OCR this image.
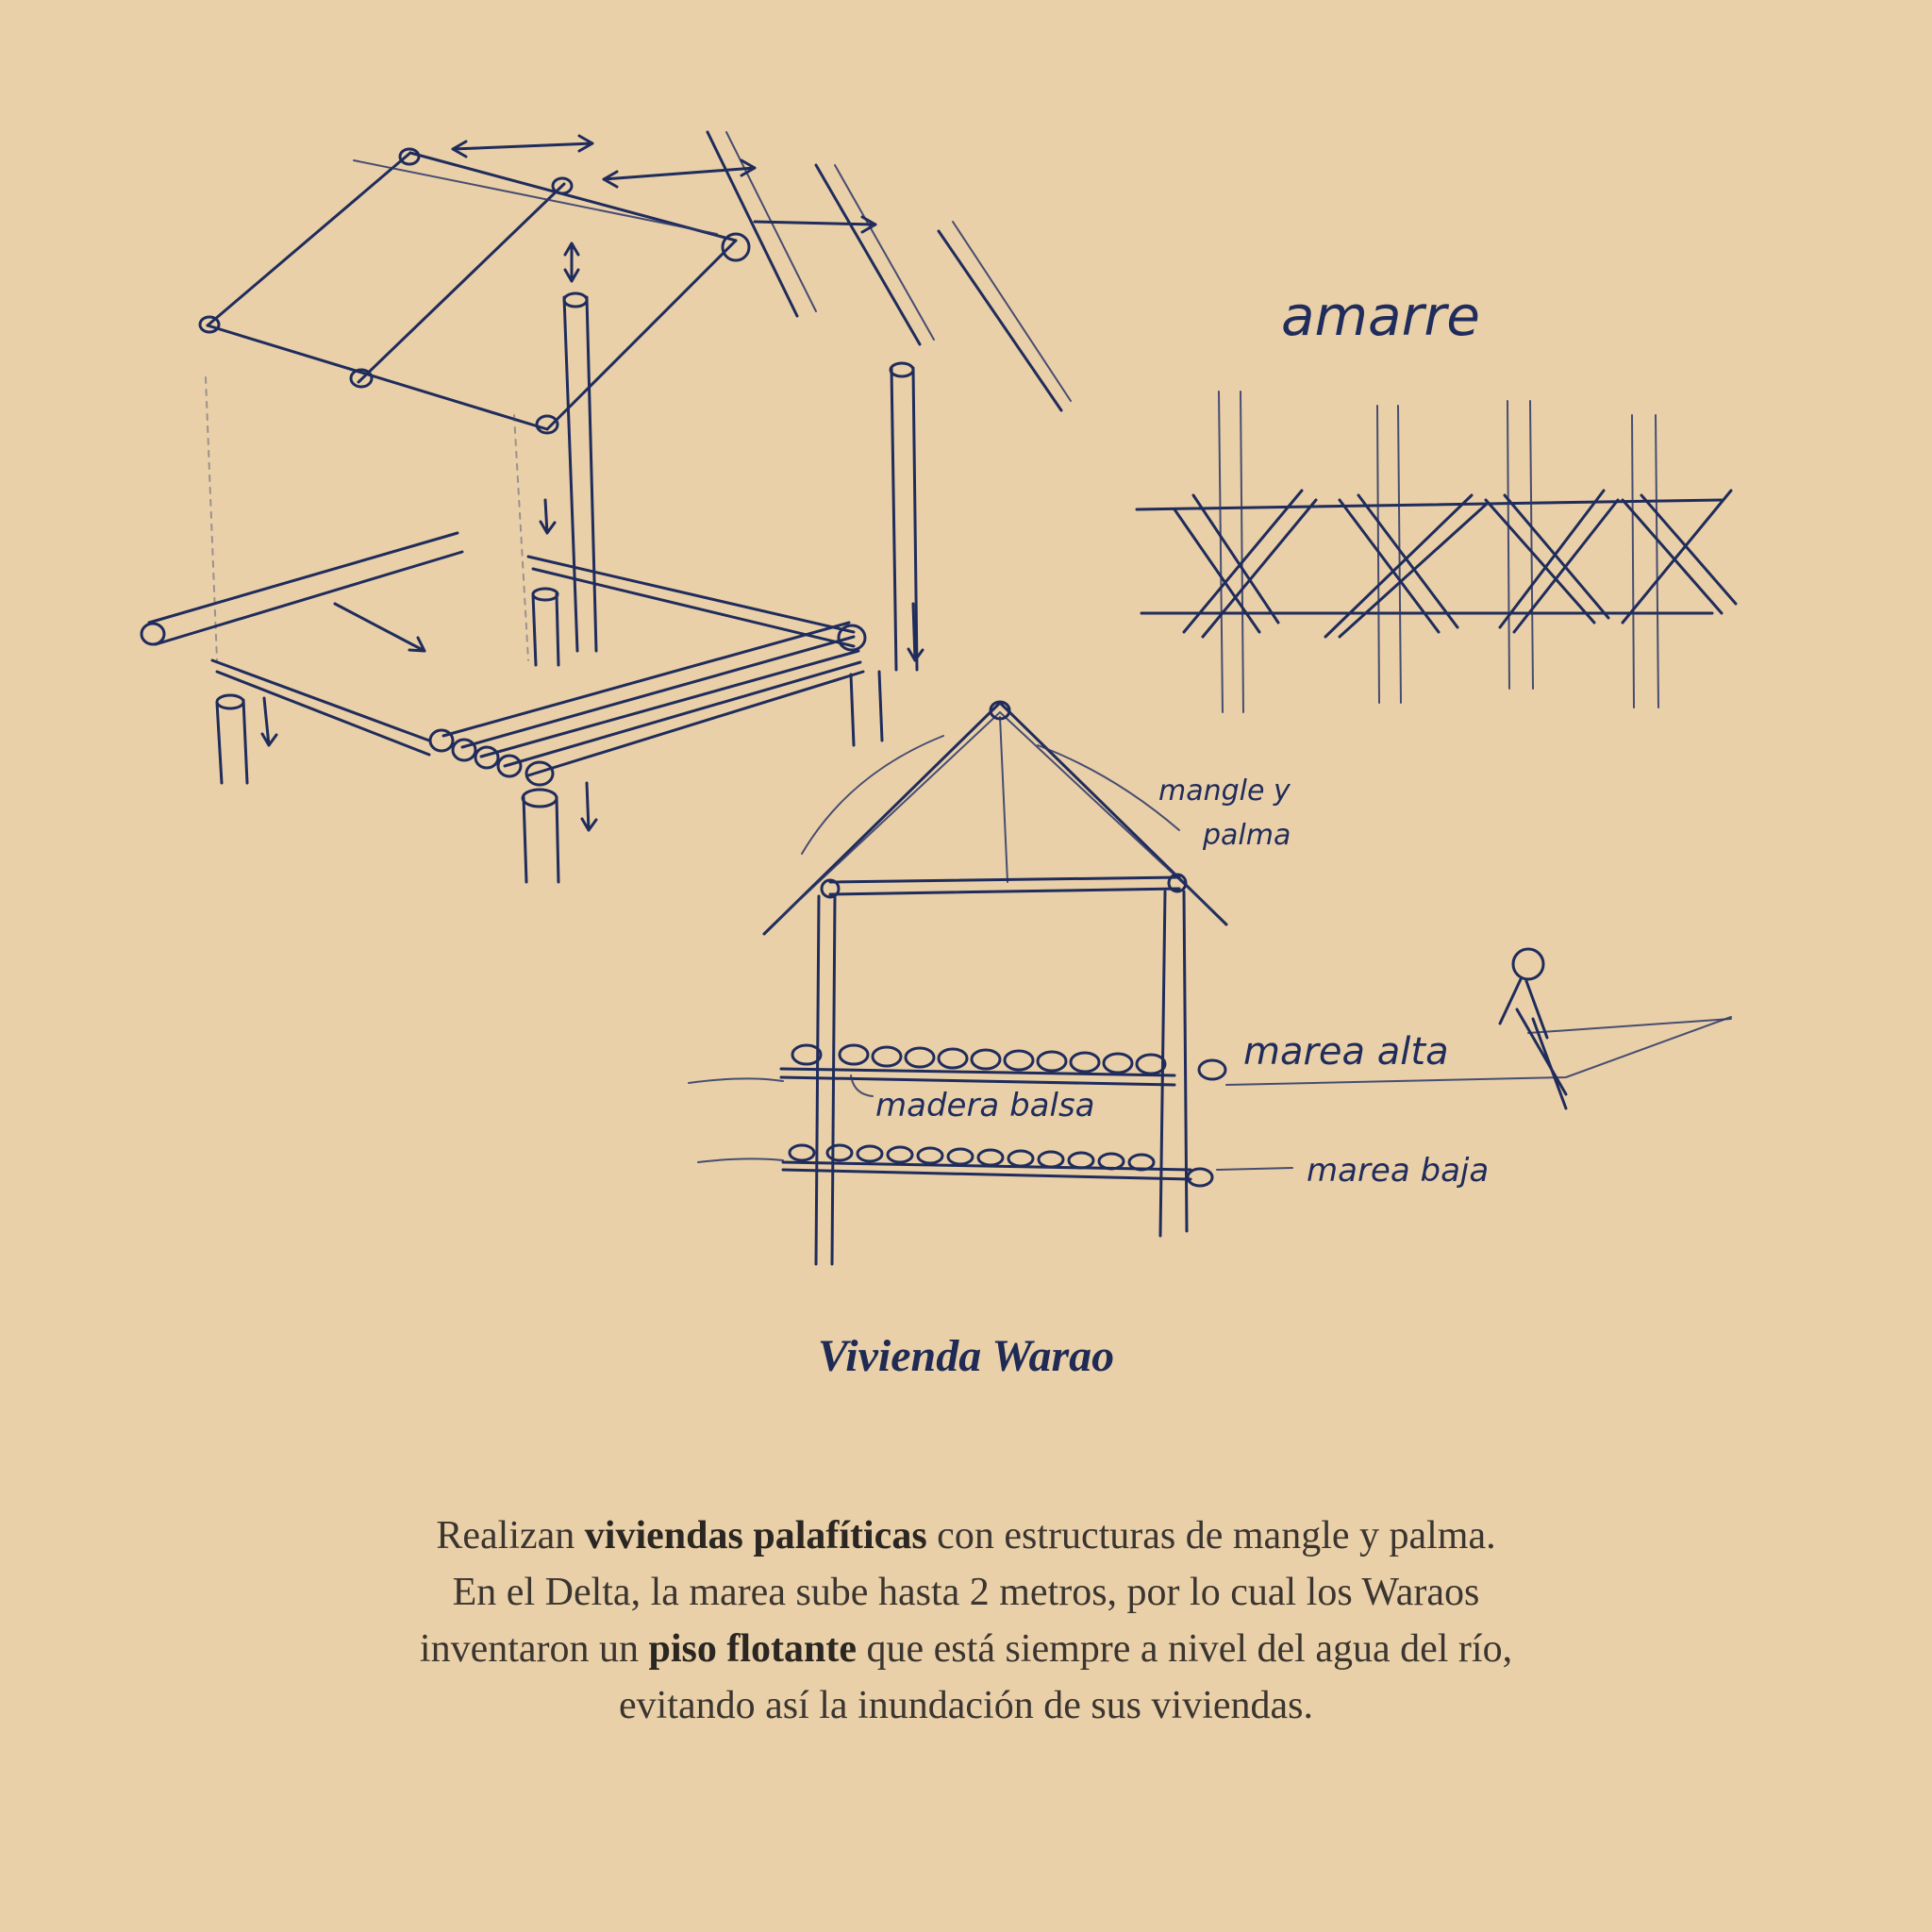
amarre
mangle y
palma
marea alta
madera balsa
marea baja
Vivienda Warao

Realizan viviendas palafíticas con estructuras de mangle y palma.

En el Delta, la marea sube hasta 2 metros, por lo cual los Waraos

inventaron un piso flotante que está siempre a nivel del agua del río,

evitando así la inundación de sus viviendas.
